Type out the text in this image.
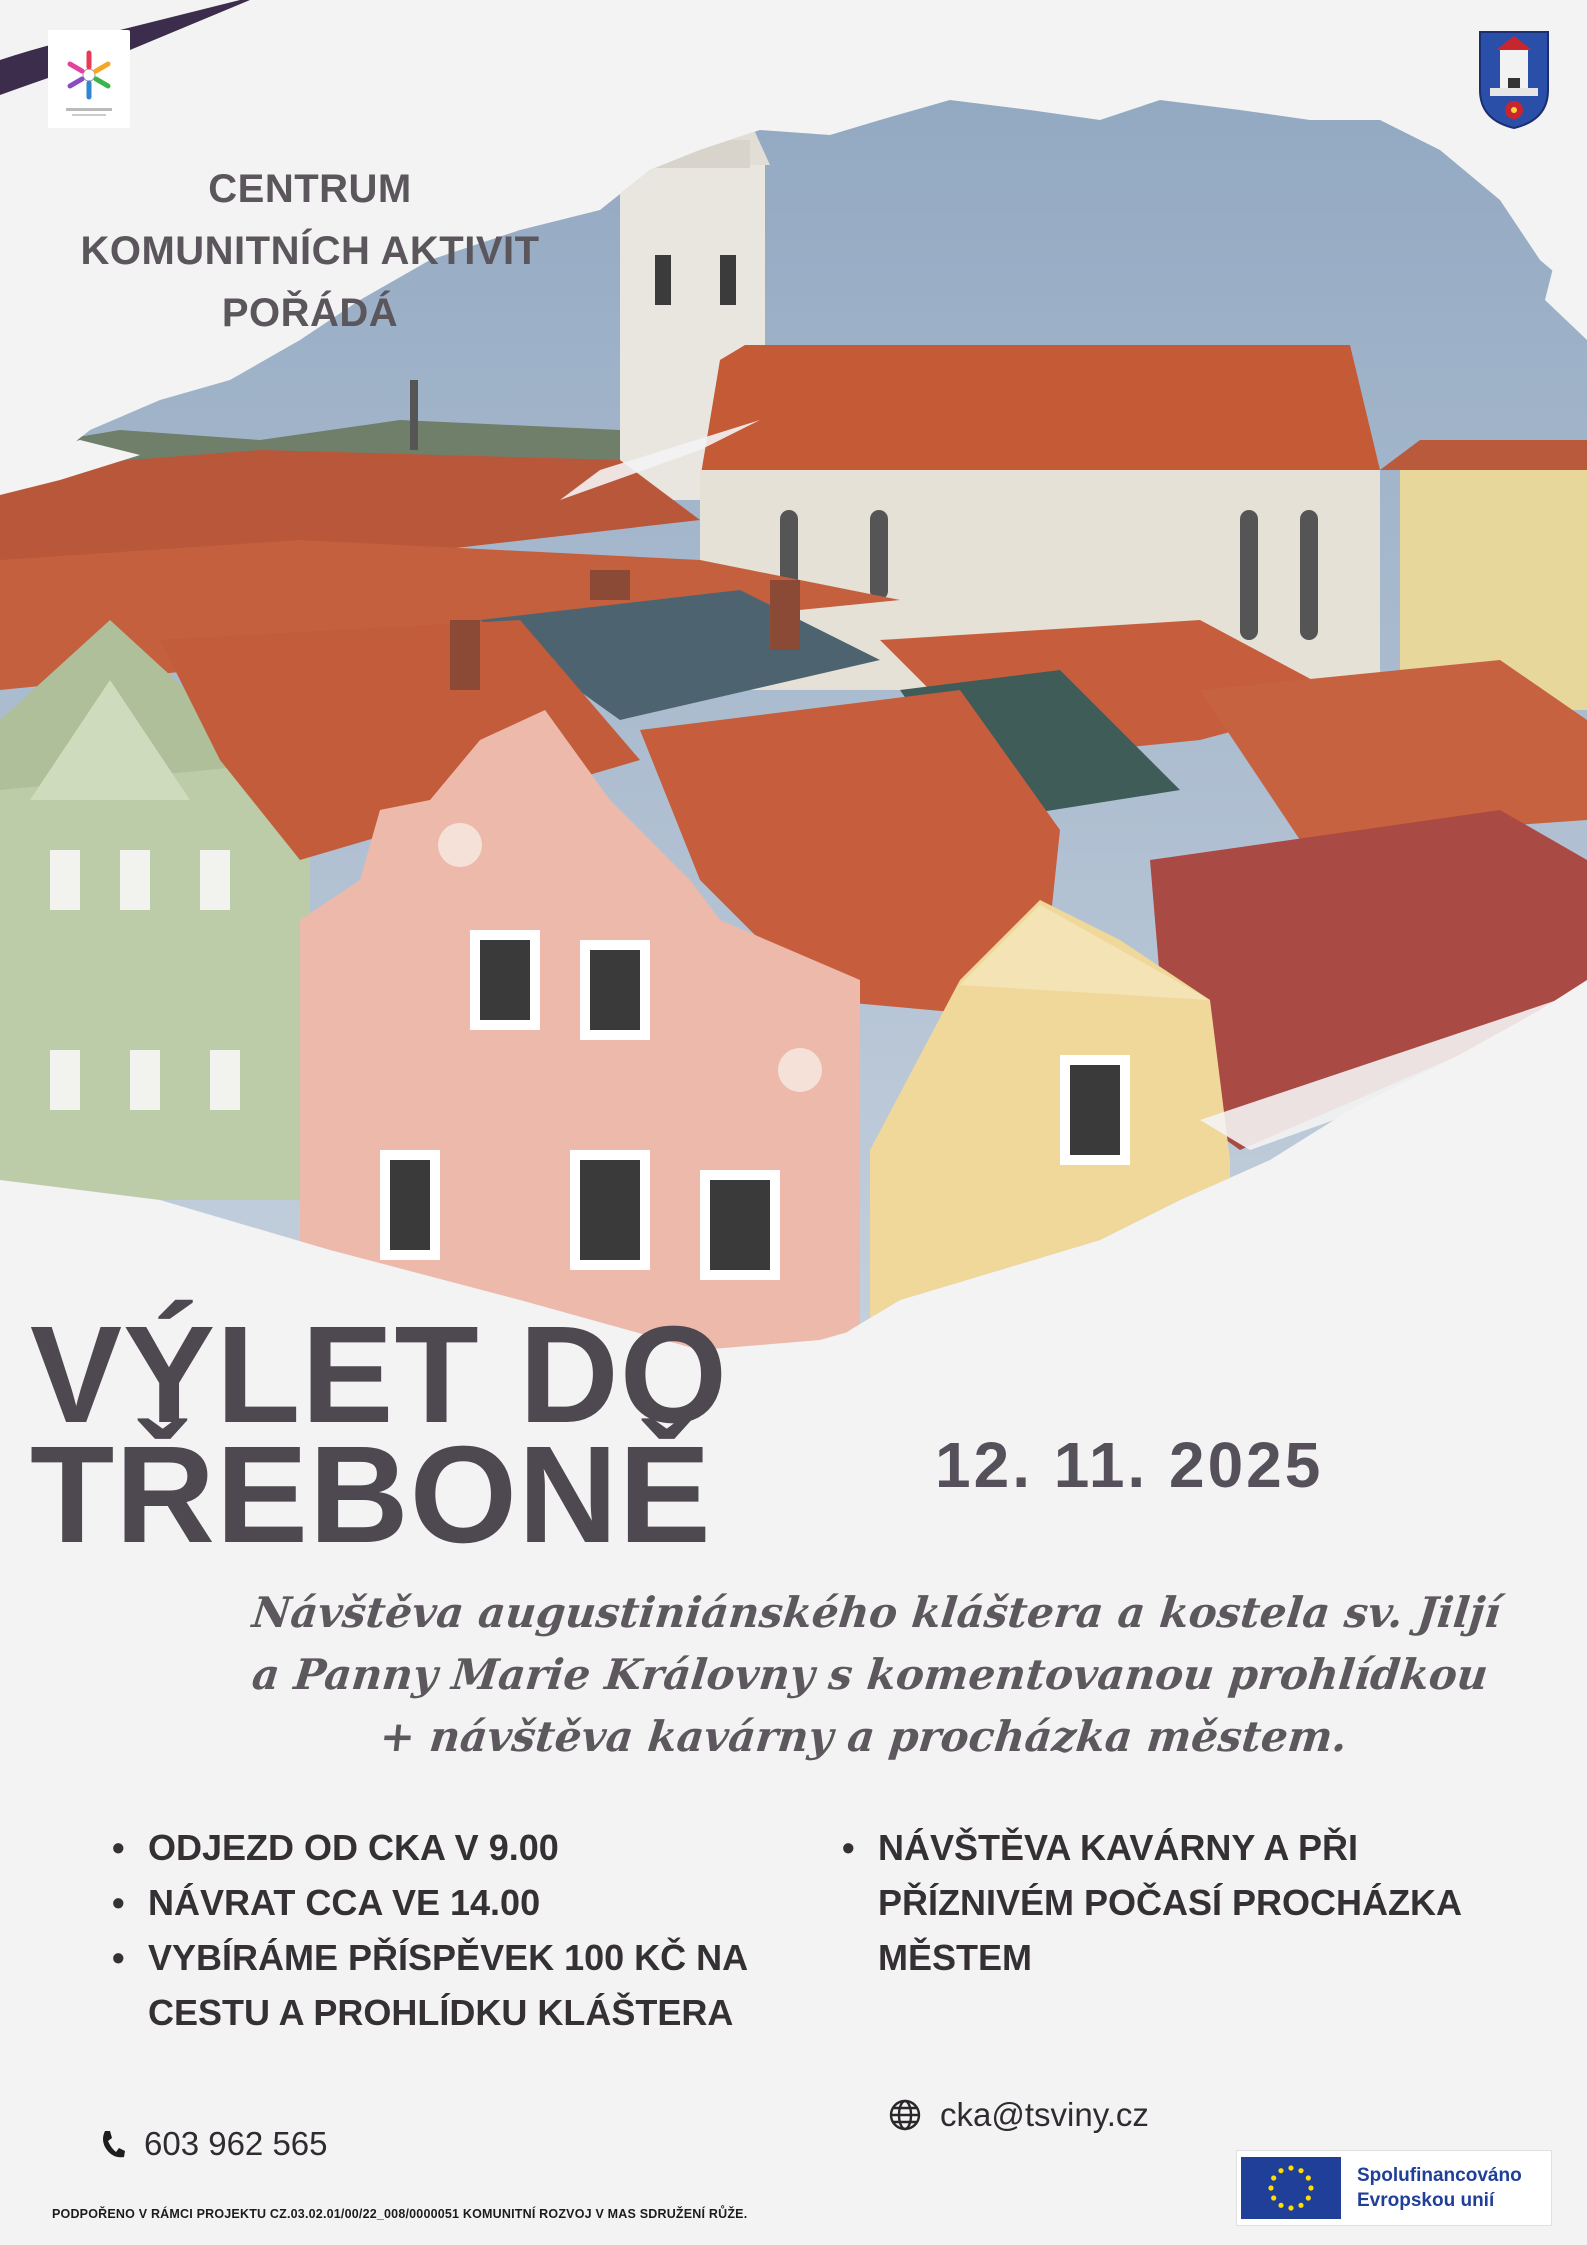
CENTRUM
KOMUNITNÍCH AKTIVIT
POŘÁDÁ
VÝLET DO
TŘEBONĚ	12. 11. 2025
Návštěva augustiniánského kláštera a kostela sv. Jiljí
a Panny Marie Královny s komentovanou prohlídkou
+ návštěva kavárny a procházka městem.
• ODJEZD OD CKA V 9.00
• NÁVRAT CCA VE 14.00
• VYBÍRÁME PŘÍSPĚVEK 100 KČ NA CESTU A PROHLÍDKU KLÁŠTERA
• NÁVŠTĚVA KAVÁRNY A PŘI PŘÍZNIVÉM POČASÍ PROCHÁZKA MĚSTEM
603 962 565
cka@tsviny.cz
PODPOŘENO V RÁMCI PROJEKTU CZ.03.02.01/00/22_008/0000051 KOMUNITNÍ ROZVOJ V MAS SDRUŽENÍ RŮŽE.
Spolufinancováno
Evropskou unií
